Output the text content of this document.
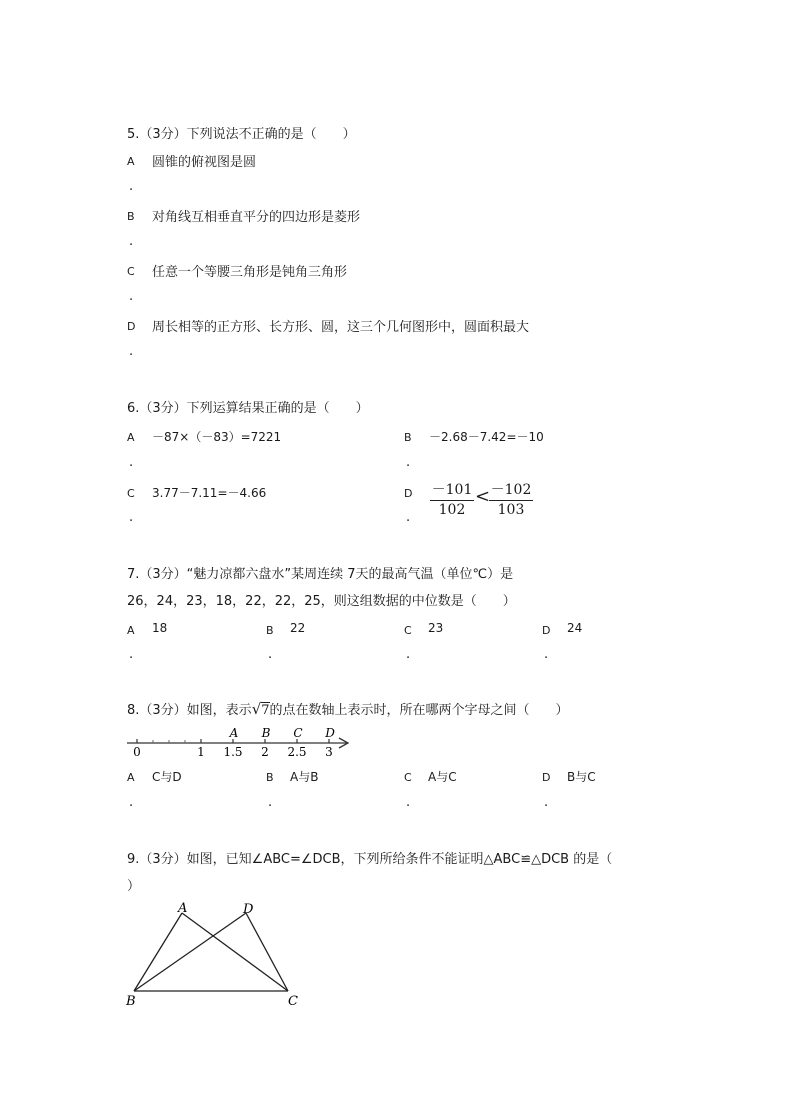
5.（3分）下列说法不正确的是（　　）
A 圆锥的俯视图是圆
.
B 对角线互相垂直平分的四边形是菱形
.
C 任意一个等腰三角形是钝角三角形
.
D 周长相等的正方形、长方形、圆，这三个几何图形中，圆面积最大
.
6.（3分）下列运算结果正确的是（　　）
A －87×（－83）=7221
.
B －2.68－7.42=－10
.
C 3.77－7.11=－4.66
.
D －101
102
< －102
103
.
7.（3分）“魅力凉都六盘水”某周连续 7天的最高气温（单位℃）是
26，24，23，18，22，22，25，则这组数据的中位数是（　　）
A 18
.
B 22
.
C 23
.
D 24
.
8.（3分）如图，表示√7的点在数轴上表示时，所在哪两个字母之间（　　）
0	1 1.5
A
2
B
2.5
C
3
D
A C与D
.
B A与B
.
C A与C
.
D B与C
.
9.（3分）如图，已知∠ABC=∠DCB，下列所给条件不能证明△ABC≌△DCB 的是（
）
A	D
B	C
